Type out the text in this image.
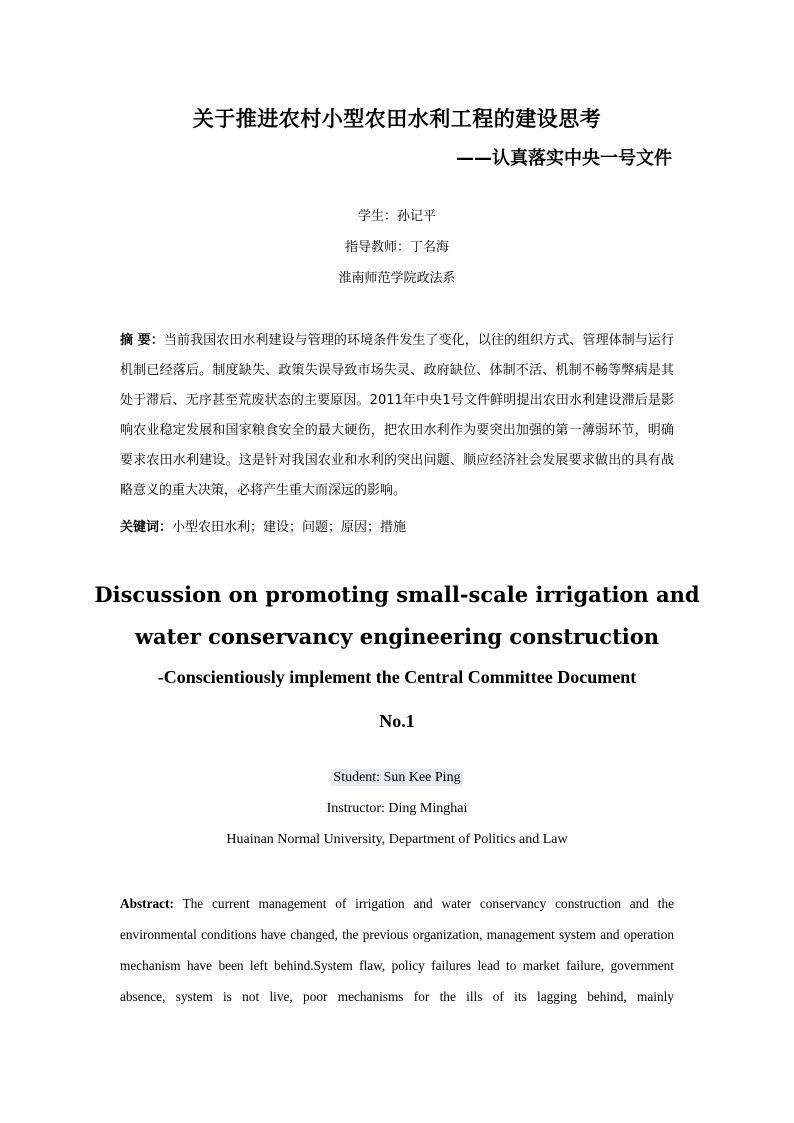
关于推进农村小型农田水利工程的建设思考
——认真落实中央一号文件
学生：孙记平
指导教师：丁名海
淮南师范学院政法系
摘 要：当前我国农田水利建设与管理的环境条件发生了变化，以往的组织方式、管理体制与运行机制已经落后。制度缺失、政策失误导致市场失灵、政府缺位、体制不活、机制不畅等弊病是其处于滞后、无序甚至荒废状态的主要原因。2011年中央1号文件鲜明提出农田水利建设滞后是影响农业稳定发展和国家粮食安全的最大硬伤，把农田水利作为要突出加强的第一薄弱环节，明确要求农田水利建设。这是针对我国农业和水利的突出问题、顺应经济社会发展要求做出的具有战略意义的重大决策，必将产生重大而深远的影响。
关键词：小型农田水利；建设；问题；原因；措施
Discussion on promoting small-scale irrigation and
water conservancy engineering construction
-Conscientiously implement the Central Committee Document
No.1
Student: Sun Kee Ping
Instructor: Ding Minghai
Huainan Normal University, Department of Politics and Law
Abstract: The current management of irrigation and water conservancy construction and the environmental conditions have changed, the previous organization, management system and operation mechanism have been left behind.System flaw, policy failures lead to market failure, government absence, system is not live, poor mechanisms for the ills of its lagging behind, mainly
